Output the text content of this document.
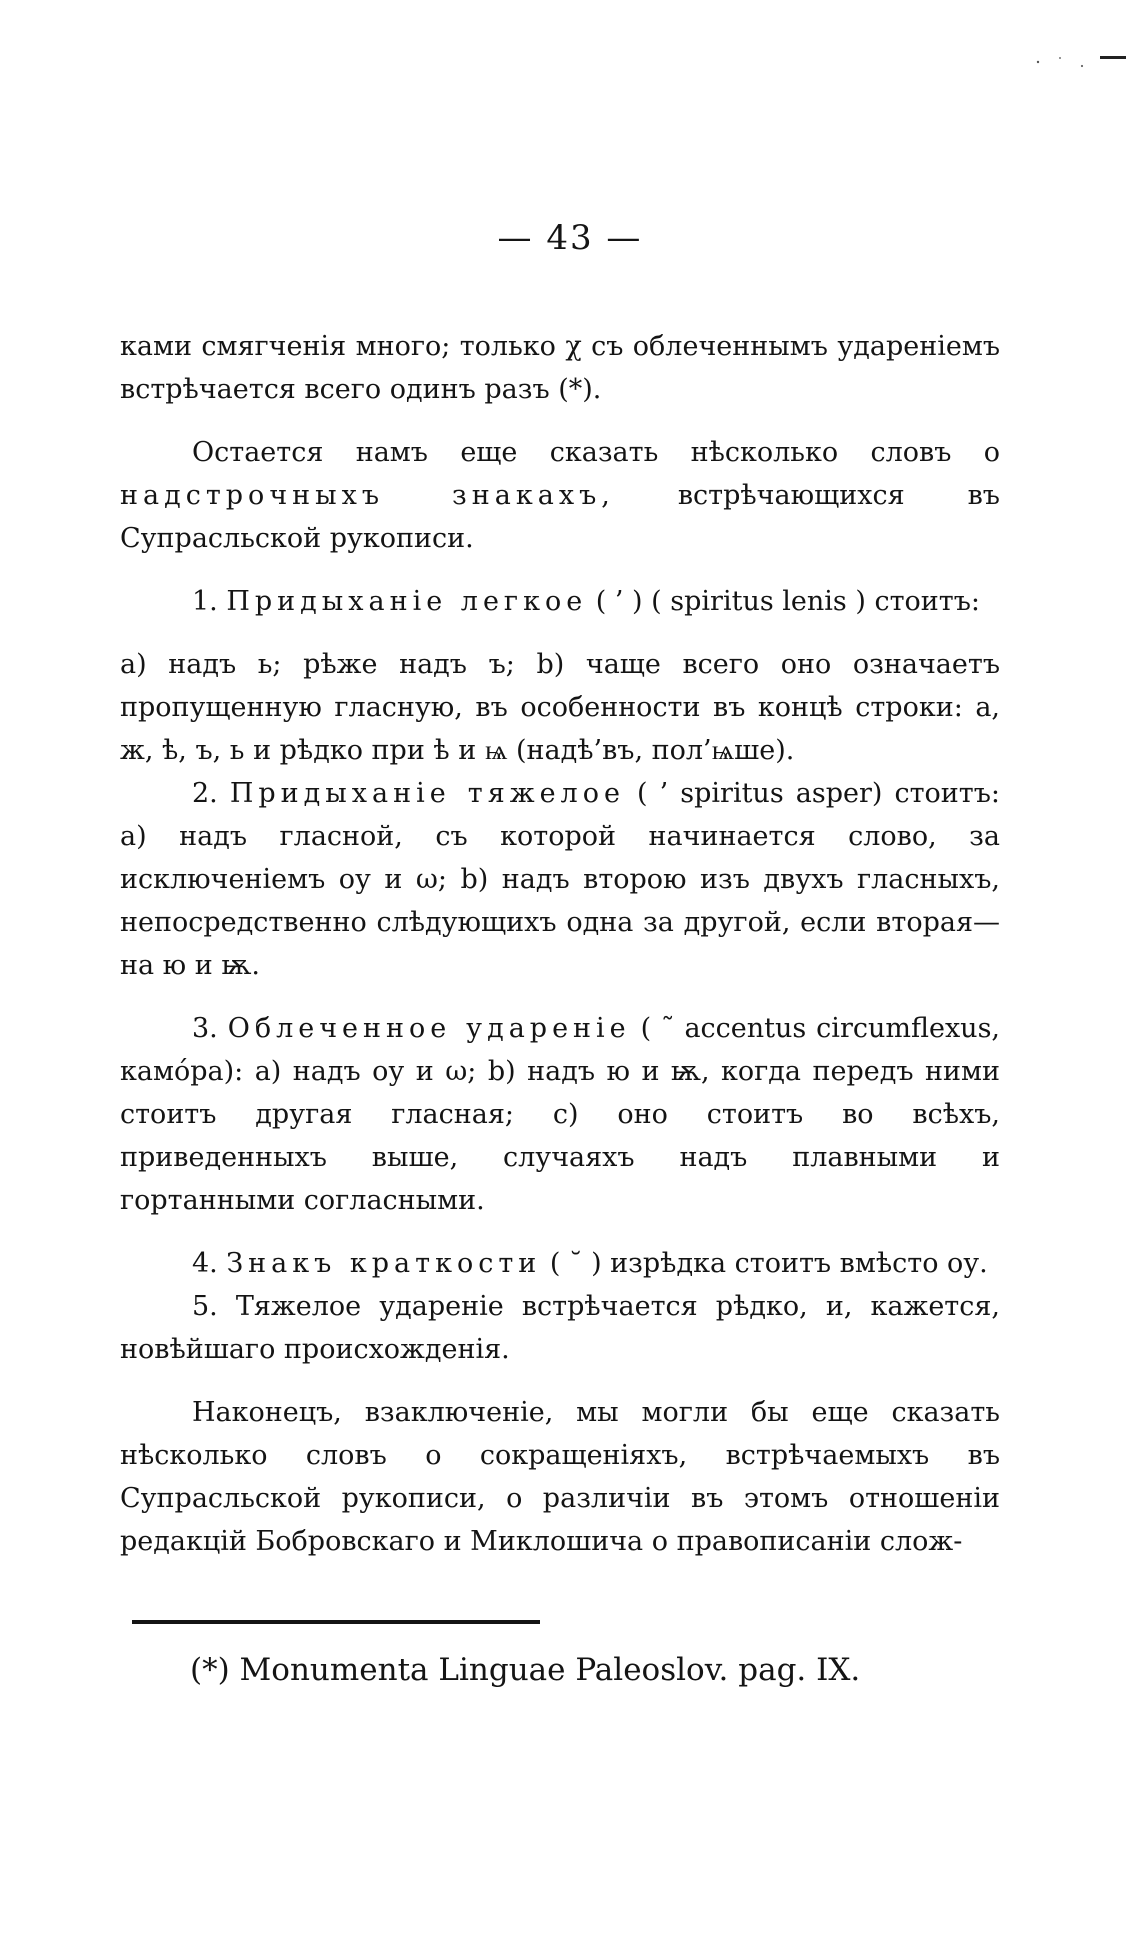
— 43 —

ками смягченія много; только χ съ облеченнымъ удареніемъ встрѣчается всего одинъ разъ (*).

Остается намъ еще сказать нѣсколько словъ о надстрочныхъ знакахъ, встрѣчающихся въ Супрасльской рукописи.

1. Придыханіе легкое ( ’ ) ( spiritus lenis ) стоитъ:

а) надъ ь; рѣже надъ ъ; b) чаще всего оно означаетъ пропущенную гласную, въ особенности въ концѣ строки: а, ж, ѣ, ъ, ь и рѣдко при ѣ и ѩ (надѣ’въ, пол’ѩше).

2. Придыханіе тяжелое ( ’ spiritus asper) стоитъ: а) надъ гласной, съ которой начинается слово, за исключеніемъ оу и ω; b) надъ второю изъ двухъ гласныхъ, непосредственно слѣдующихъ одна за другой, если вторая—на ю и ѭ.

3. Облеченное удареніе ( ˜ accentus circumflexus, камо́ра): а) надъ оу и ω; b) надъ ю и ѭ, когда передъ ними стоитъ другая гласная; c) оно стоитъ во всѣхъ, приведенныхъ выше, случаяхъ надъ плавными и гортанными согласными.

4. Знакъ краткости ( ˘ ) изрѣдка стоитъ вмѣсто оу.

5. Тяжелое удареніе встрѣчается рѣдко, и, кажется, новѣйшаго происхожденія.

Наконецъ, взаключеніе, мы могли бы еще сказать нѣсколько словъ о сокращеніяхъ, встрѣчаемыхъ въ Супрасльской рукописи, о различіи въ этомъ отношеніи редакцій Бобровскаго и Миклошича о правописаніи слож-

(*) Monumenta Linguae Paleoslov. pag. IX.
